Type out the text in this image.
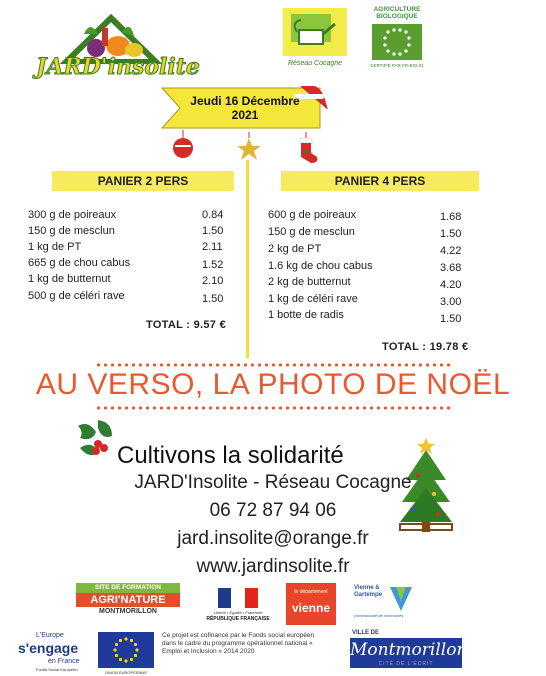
JARD'insolite	Réseau Cocagne
AGRICULTURE BIOLOGIQUE
CERTIFIÉ PAR FR-BIO-01
Jeudi 16 Décembre
2021
PANIER 2 PERS
300 g de poireaux	0.84
150 g de mesclun	1.50
1 kg de PT	2.11
665 g de chou cabus	1.52
1 kg de butternut	2.10
500 g de céléri rave	1.50
TOTAL : 9.57 €
PANIER 4 PERS
600 g de poireaux	1.68
150 g de mesclun	1.50
2 kg de PT	4.22
1.6 kg de chou cabus	3.68
2 kg de butternut	4.20
1 kg de céléri rave	3.00
1 botte de radis	1.50
TOTAL : 19.78 €
AU VERSO, LA PHOTO DE NOËL
Cultivons la solidarité
JARD'Insolite - Réseau Cocagne
06 72 87 94 06
jard.insolite@orange.fr
www.jardinsolite.fr
SITE DE FORMATION
AGRI'NATURE
MONTMORILLON	Liberté • Égalité • Fraternité
RÉPUBLIQUE FRANÇAISE
le département
vienne
Vienne & Gartempe
communauté de communes
L'Europe
s'engage
en France
Fonds Social Européen
UNION EUROPÉENNE
Ce projet est cofinancé par le Fonds social européen dans le cadre du programme opérationnel national « Emploi et Inclusion » 2014 2020
VILLE DE
Montmorillon
CITÉ DE L'ÉCRIT
